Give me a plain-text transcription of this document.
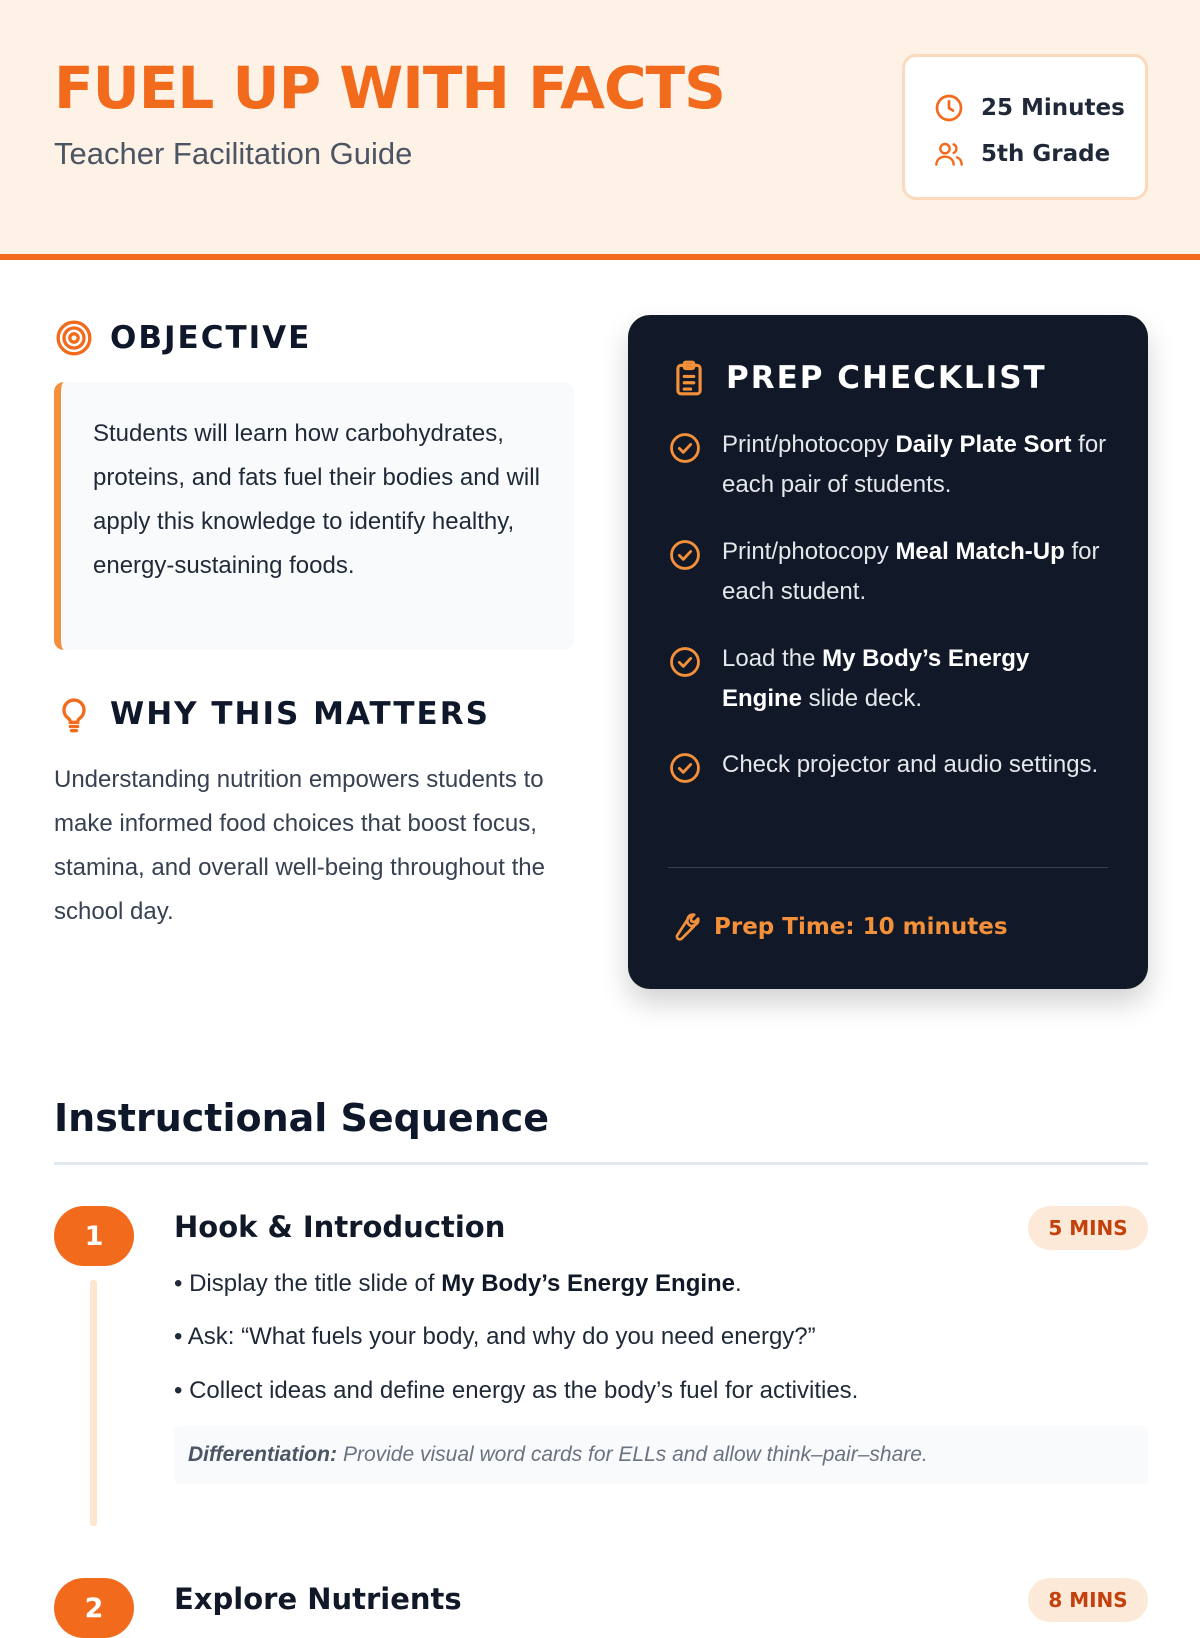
FUEL UP WITH FACTS
Teacher Facilitation Guide
25 Minutes
5th Grade
OBJECTIVE

Students will learn how carbohydrates, proteins, and fats fuel their bodies and will apply this knowledge to identify healthy, energy-sustaining foods.

WHY THIS MATTERS

Understanding nutrition empowers students to make informed food choices that boost focus, stamina, and overall well-being throughout the school day.

PREP CHECKLIST

Print/photocopy Daily Plate Sort for each pair of students.

Print/photocopy Meal Match-Up for each student.

Load the My Body’s Energy Engine slide deck.

Check projector and audio settings.

Prep Time: 10 minutes
Instructional Sequence
1	Hook & Introduction	5 MINS
• Display the title slide of My Body’s Energy Engine.
• Ask: “What fuels your body, and why do you need energy?”
• Collect ideas and define energy as the body’s fuel for activities.
Differentiation: Provide visual word cards for ELLs and allow think–pair–share.
2	Explore Nutrients	8 MINS
